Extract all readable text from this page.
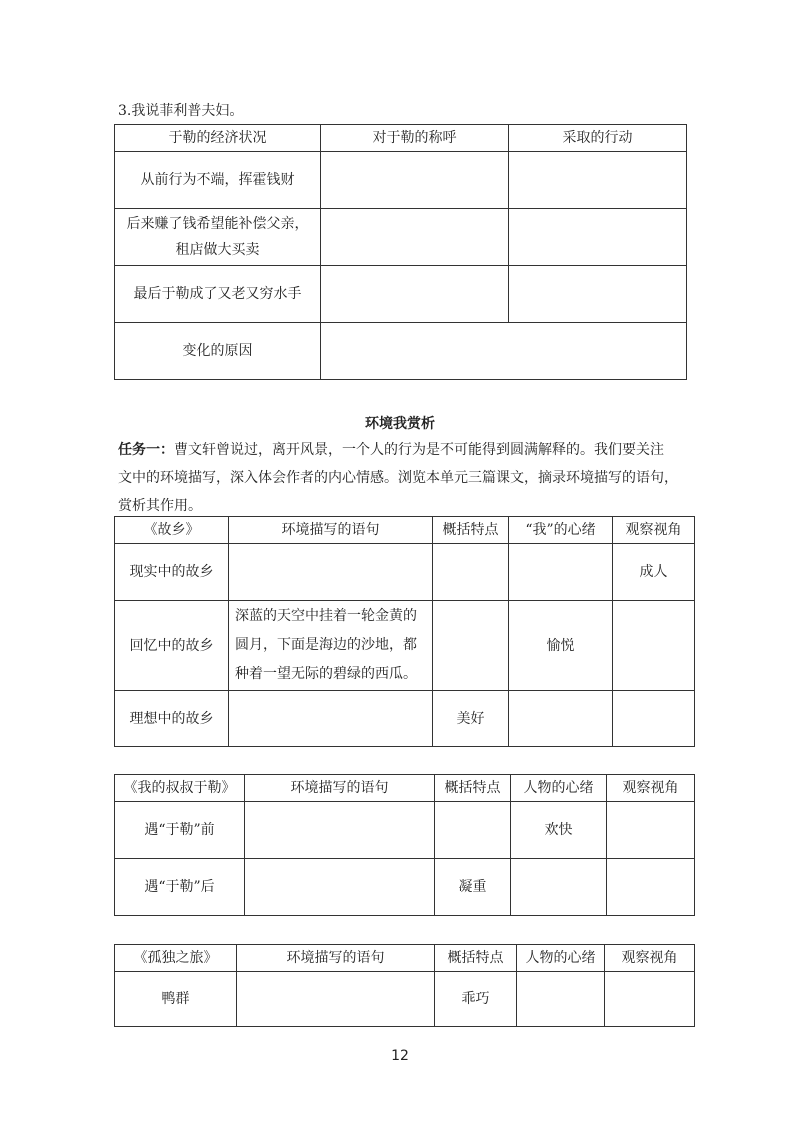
3.我说菲利普夫妇。
于勒的经济状况	对于勒的称呼	采取的行动
从前行为不端，挥霍钱财		
后来赚了钱希望能补偿父亲，
租店做大买卖		
最后于勒成了又老又穷水手		
变化的原因		
环境我赏析
任务一：曹文轩曾说过，离开风景，一个人的行为是不可能得到圆满解释的。我们要关注
文中的环境描写，深入体会作者的内心情感。浏览本单元三篇课文，摘录环境描写的语句，
赏析其作用。
《故乡》	环境描写的语句	概括特点	“我”的心绪	观察视角
现实中的故乡				成人
回忆中的故乡	深蓝的天空中挂着一轮金黄的
圆月，下面是海边的沙地，都
种着一望无际的碧绿的西瓜。		愉悦	
理想中的故乡		美好		
《我的叔叔于勒》	环境描写的语句	概括特点	人物的心绪	观察视角
遇“于勒”前			欢快	
遇“于勒”后		凝重		
《孤独之旅》	环境描写的语句	概括特点	人物的心绪	观察视角
鸭群		乖巧		
12
